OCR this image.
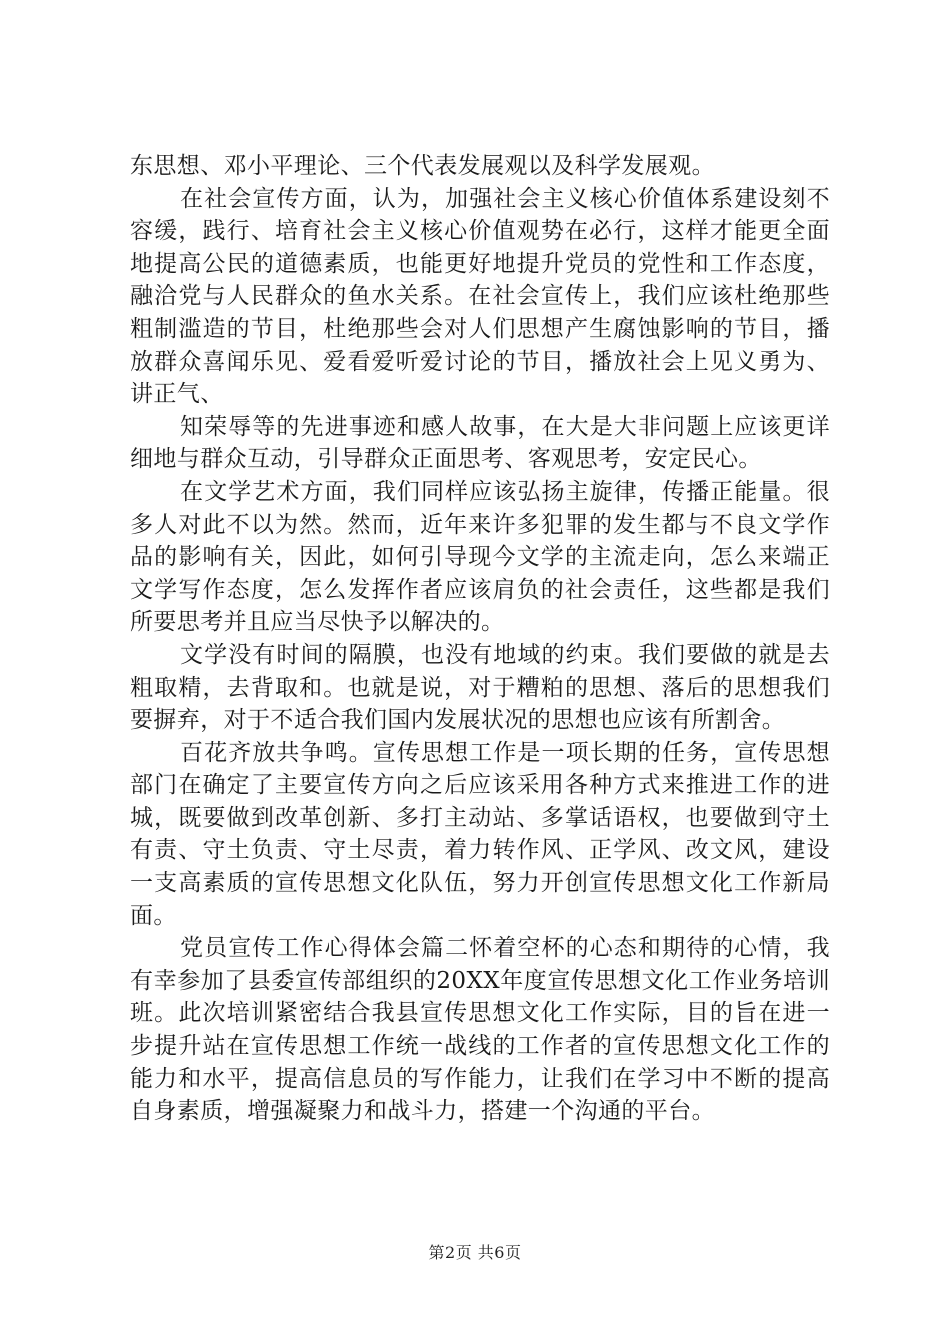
东思想、邓小平理论、三个代表发展观以及科学发展观。

在社会宣传方面，认为，加强社会主义核心价值体系建设刻不容缓，践行、培育社会主义核心价值观势在必行，这样才能更全面地提高公民的道德素质，也能更好地提升党员的党性和工作态度，融洽党与人民群众的鱼水关系。在社会宣传上，我们应该杜绝那些粗制滥造的节目，杜绝那些会对人们思想产生腐蚀影响的节目，播放群众喜闻乐见、爱看爱听爱讨论的节目，播放社会上见义勇为、讲正气、

知荣辱等的先进事迹和感人故事，在大是大非问题上应该更详细地与群众互动，引导群众正面思考、客观思考，安定民心。

在文学艺术方面，我们同样应该弘扬主旋律，传播正能量。很多人对此不以为然。然而，近年来许多犯罪的发生都与不良文学作品的影响有关，因此，如何引导现今文学的主流走向，怎么来端正文学写作态度，怎么发挥作者应该肩负的社会责任，这些都是我们所要思考并且应当尽快予以解决的。

文学没有时间的隔膜，也没有地域的约束。我们要做的就是去粗取精，去背取和。也就是说，对于糟粕的思想、落后的思想我们要摒弃，对于不适合我们国内发展状况的思想也应该有所割舍。

百花齐放共争鸣。宣传思想工作是一项长期的任务，宣传思想部门在确定了主要宣传方向之后应该采用各种方式来推进工作的进城，既要做到改革创新、多打主动站、多掌话语权，也要做到守土有责、守土负责、守土尽责，着力转作风、正学风、改文风，建设一支高素质的宣传思想文化队伍，努力开创宣传思想文化工作新局面。

党员宣传工作心得体会篇二怀着空杯的心态和期待的心情，我有幸参加了县委宣传部组织的20XX年度宣传思想文化工作业务培训班。此次培训紧密结合我县宣传思想文化工作实际，目的旨在进一步提升站在宣传思想工作统一战线的工作者的宣传思想文化工作的能力和水平，提高信息员的写作能力，让我们在学习中不断的提高自身素质，增强凝聚力和战斗力，搭建一个沟通的平台。

第2页 共6页
